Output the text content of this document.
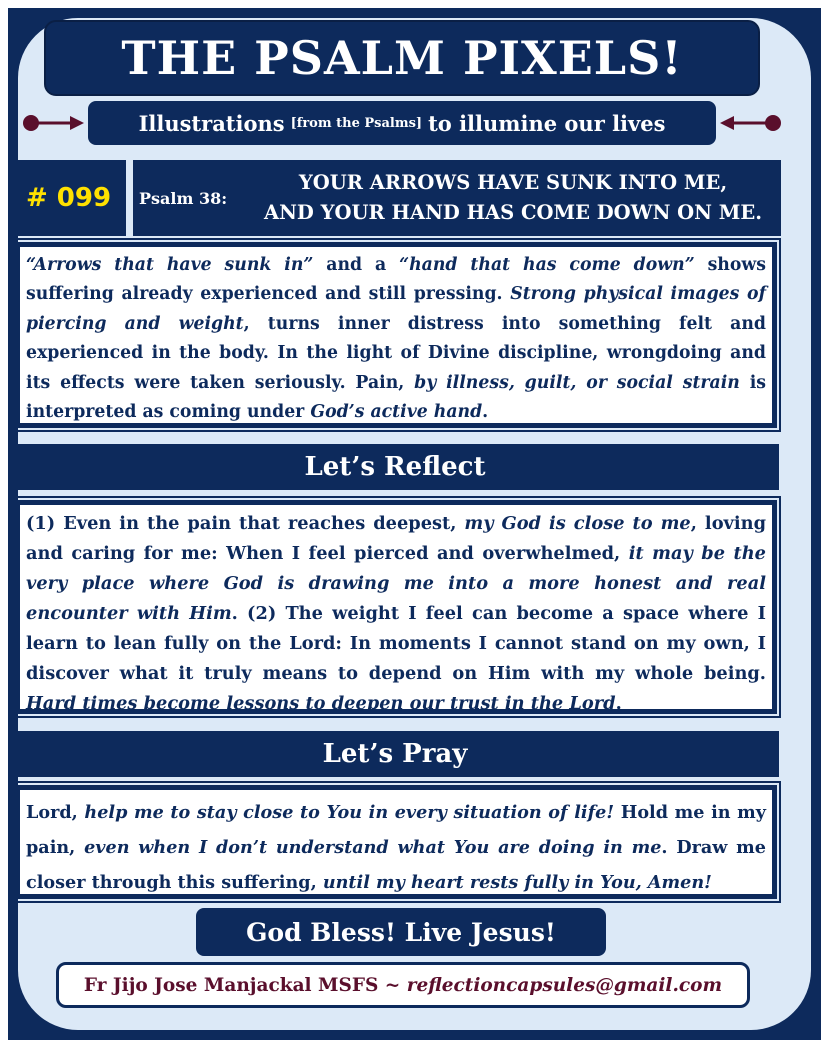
THE PSALM PIXELS!
Illustrations [from the Psalms] to illumine our lives
# 099 Psalm 38:
YOUR ARROWS HAVE SUNK INTO ME,
AND YOUR HAND HAS COME DOWN ON ME.

“Arrows that have sunk in” and a “hand that has come down” shows suffering already experienced and still pressing. Strong physical images of piercing and weight, turns inner distress into something felt and experienced in the body. In the light of Divine discipline, wrongdoing and its effects were taken seriously. Pain, by illness, guilt, or social strain is interpreted as coming under God’s active hand.

Let’s Reflect

(1) Even in the pain that reaches deepest, my God is close to me, loving and caring for me: When I feel pierced and overwhelmed, it may be the very place where God is drawing me into a more honest and real encounter with Him. (2) The weight I feel can become a space where I learn to lean fully on the Lord: In moments I cannot stand on my own, I discover what it truly means to depend on Him with my whole being. Hard times become lessons to deepen our trust in the Lord.

Let’s Pray

Lord, help me to stay close to You in every situation of life! Hold me in my pain, even when I don’t understand what You are doing in me. Draw me closer through this suffering, until my heart rests fully in You, Amen!

God Bless! Live Jesus!
Fr Jijo Jose Manjackal MSFS ~
reflectioncapsules@gmail.com
